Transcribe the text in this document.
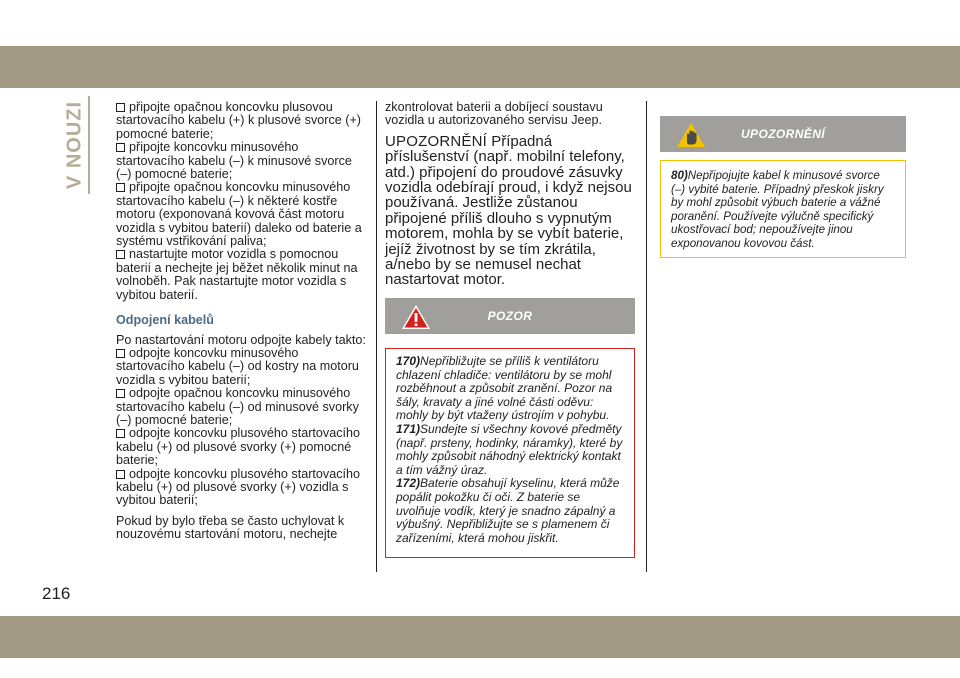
V NOUZI
216

připojte opačnou koncovku plusovou startovacího kabelu (+) k plusové svorce (+) pomocné baterie;

připojte koncovku minusového startovacího kabelu (–) k minusové svorce (–) pomocné baterie;

připojte opačnou koncovku minusového startovacího kabelu (–) k některé kostře motoru (exponovaná kovová část motoru vozidla s vybitou baterií) daleko od baterie a systému vstřikování paliva;

nastartujte motor vozidla s pomocnou baterií a nechejte jej běžet několik minut na volnoběh. Pak nastartujte motor vozidla s vybitou baterií.

Odpojení kabelů

Po nastartování motoru odpojte kabely takto:

odpojte koncovku minusového startovacího kabelu (–) od kostry na motoru vozidla s vybitou baterií;

odpojte opačnou koncovku minusového startovacího kabelu (–) od minusové svorky (–) pomocné baterie;

odpojte koncovku plusového startovacího kabelu (+) od plusové svorky (+) pomocné baterie;

odpojte koncovku plusového startovacího kabelu (+) od plusové svorky (+) vozidla s vybitou baterií;

Pokud by bylo třeba se často uchylovat k nouzovému startování motoru, nechejte

zkontrolovat baterii a dobíjecí soustavu vozidla u autorizovaného servisu Jeep.

UPOZORNĚNÍ Případná příslušenství (např. mobilní telefony, atd.) připojení do proudové zásuvky vozidla odebírají proud, i když nejsou používaná. Jestliže zůstanou připojené příliš dlouho s vypnutým motorem, mohla by se vybít baterie, jejíž životnost by se tím zkrátila, a/nebo by se nemusel nechat nastartovat motor.

POZOR

170)Nepřibližujte se příliš k ventilátoru chlazení chladiče: ventilátoru by se mohl rozběhnout a způsobit zranění. Pozor na šály, kravaty a jiné volné části oděvu: mohly by být vtaženy ústrojím v pohybu.

171)Sundejte si všechny kovové předměty (např. prsteny, hodinky, náramky), které by mohly způsobit náhodný elektrický kontakt a tím vážný úraz.

172)Baterie obsahují kyselinu, která může popálit pokožku či oči. Z baterie se uvolňuje vodík, který je snadno zápalný a výbušný. Nepřibližujte se s plamenem či zařízeními, která mohou jiskřit.

UPOZORNĚNÍ

80)Nepřipojujte kabel k minusové svorce (–) vybité baterie. Případný přeskok jiskry by mohl způsobit výbuch baterie a vážné poranění. Používejte výlučně specifický ukostřovací bod; nepoužívejte jinou exponovanou kovovou část.
